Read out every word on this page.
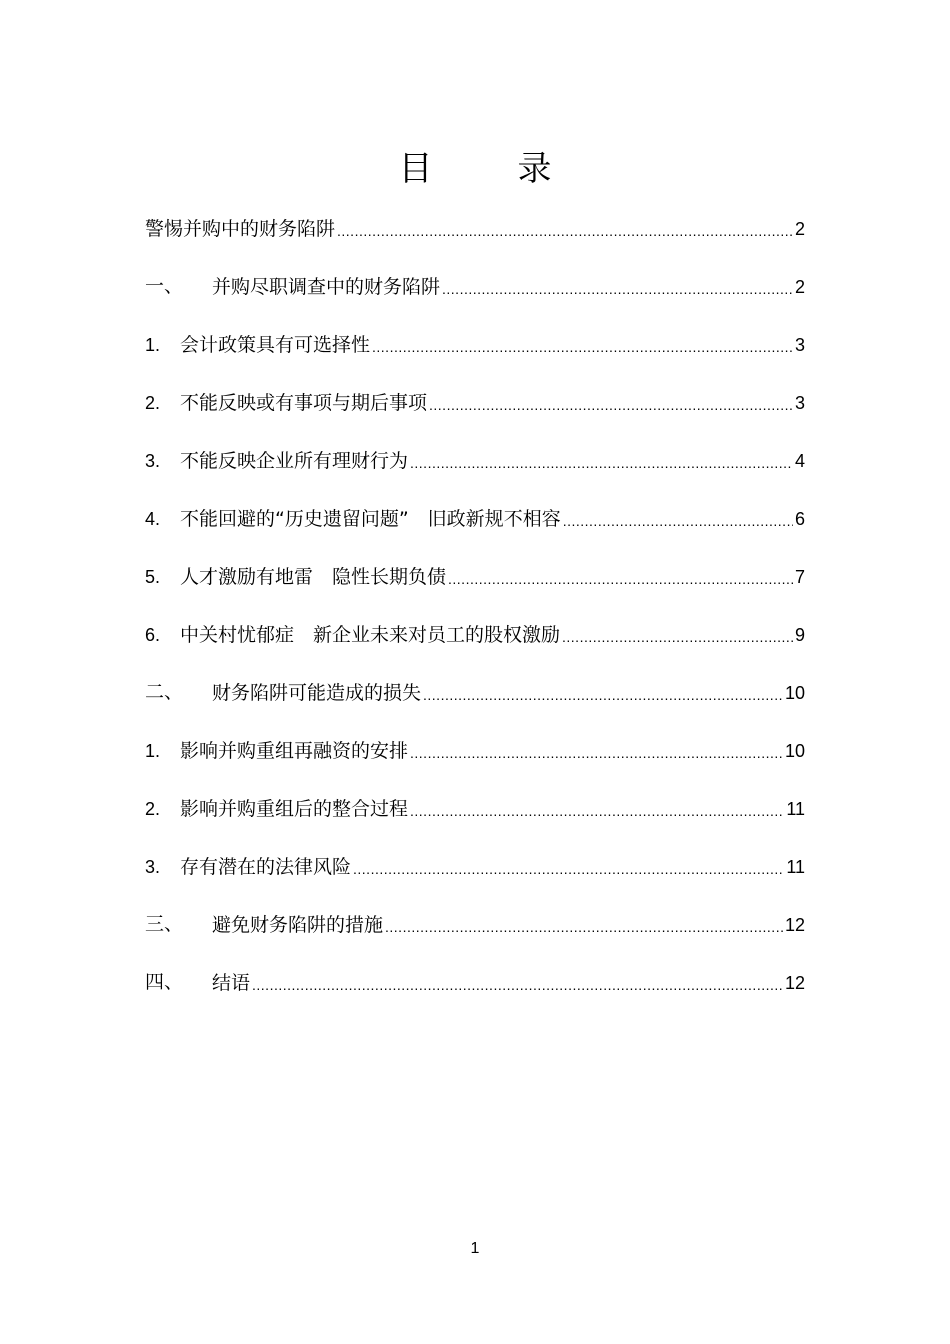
目	录
警惕并购中的财务陷阱 .....	2
一、	并购尽职调查中的财务陷阱 .....	2
1.	会计政策具有可选择性 .....	3
2.	不能反映或有事项与期后事项 .....	3
3.	不能反映企业所有理财行为 .....	4
4.	不能回避的“历史遗留问题”　旧政新规不相容 .....	6
5.	人才激励有地雷　隐性长期负债 .....	7
6.	中关村忧郁症　新企业未来对员工的股权激励 .....	9
二、	财务陷阱可能造成的损失 .....	10
1.	影响并购重组再融资的安排 .....	10
2.	影响并购重组后的整合过程 .....	11
3.	存有潜在的法律风险 .....	11
三、	避免财务陷阱的措施 .....	12
四、	结语 .....	12
1
